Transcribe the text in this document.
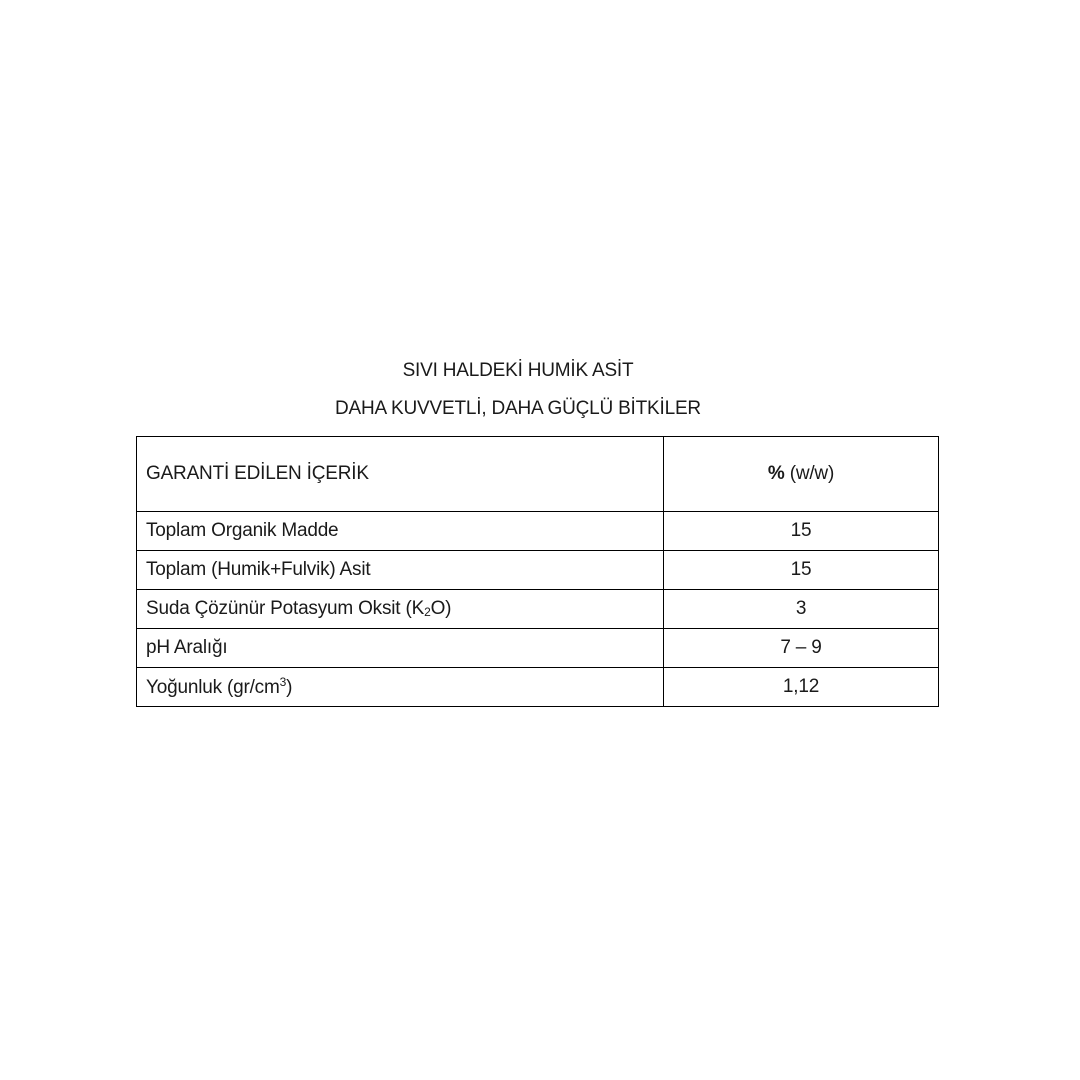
SIVI HALDEKİ HUMİK ASİT
DAHA KUVVETLİ, DAHA GÜÇLÜ BİTKİLER
GARANTİ EDİLEN İÇERİK	% (w/w)
Toplam Organik Madde	15
Toplam (Humik+Fulvik) Asit	15
Suda Çözünür Potasyum Oksit $(K_2O)$	3
pH Aralığı	7 – 9
Yoğunluk $(gr/cm^3)$	1,12
